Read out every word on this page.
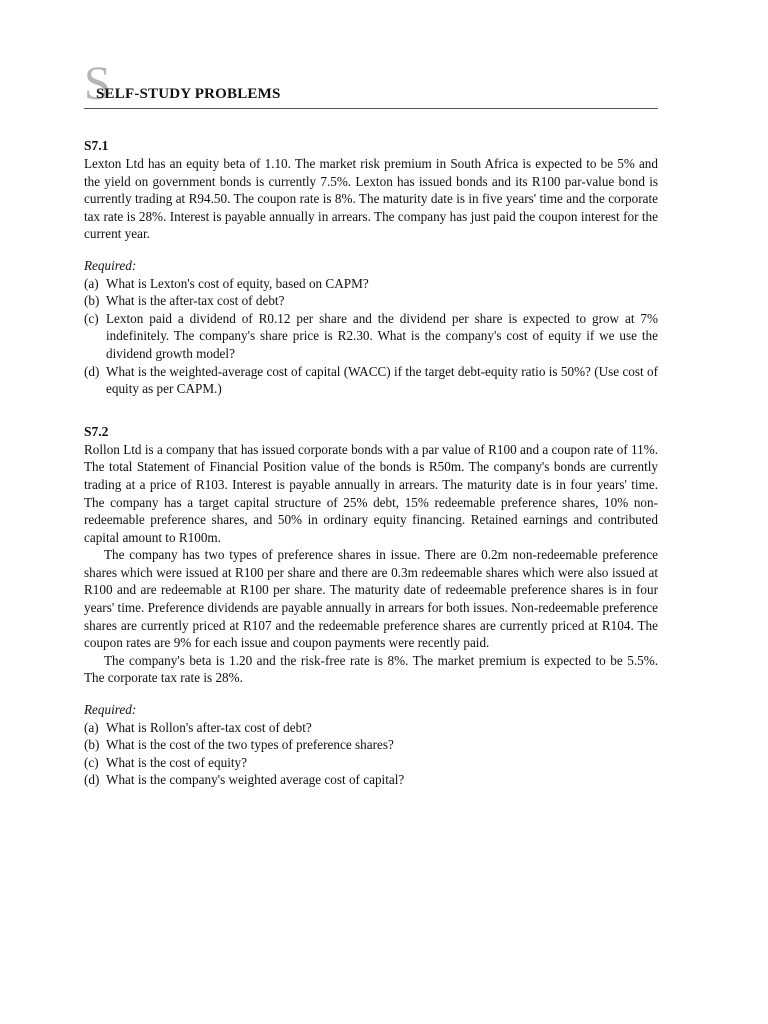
S
SELF-STUDY PROBLEMS
S7.1

Lexton Ltd has an equity beta of 1.10. The market risk premium in South Africa is expected to be 5% and the yield on government bonds is currently 7.5%. Lexton has issued bonds and its R100 par-value bond is currently trading at R94.50. The coupon rate is 8%. The maturity date is in five years' time and the corporate tax rate is 28%. Interest is payable annually in arrears. The company has just paid the coupon interest for the current year.

Required:
(a) What is Lexton's cost of equity, based on CAPM?
(b) What is the after-tax cost of debt?
(c) Lexton paid a dividend of R0.12 per share and the dividend per share is expected to grow at 7% indefinitely. The company's share price is R2.30. What is the company's cost of equity if we use the dividend growth model?
(d) What is the weighted-average cost of capital (WACC) if the target debt-equity ratio is 50%? (Use cost of equity as per CAPM.)
S7.2

Rollon Ltd is a company that has issued corporate bonds with a par value of R100 and a coupon rate of 11%. The total Statement of Financial Position value of the bonds is R50m. The company's bonds are currently trading at a price of R103. Interest is payable annually in arrears. The maturity date is in four years' time. The company has a target capital structure of 25% debt, 15% redeemable preference shares, 10% non-redeemable preference shares, and 50% in ordinary equity financing. Retained earnings and contributed capital amount to R100m.

The company has two types of preference shares in issue. There are 0.2m non-redeemable preference shares which were issued at R100 per share and there are 0.3m redeemable shares which were also issued at R100 and are redeemable at R100 per share. The maturity date of redeemable preference shares is in four years' time. Preference dividends are payable annually in arrears for both issues. Non-redeemable preference shares are currently priced at R107 and the redeemable preference shares are currently priced at R104. The coupon rates are 9% for each issue and coupon payments were recently paid.

The company's beta is 1.20 and the risk-free rate is 8%. The market premium is expected to be 5.5%. The corporate tax rate is 28%.

Required:
(a) What is Rollon's after-tax cost of debt?
(b) What is the cost of the two types of preference shares?
(c) What is the cost of equity?
(d) What is the company's weighted average cost of capital?
